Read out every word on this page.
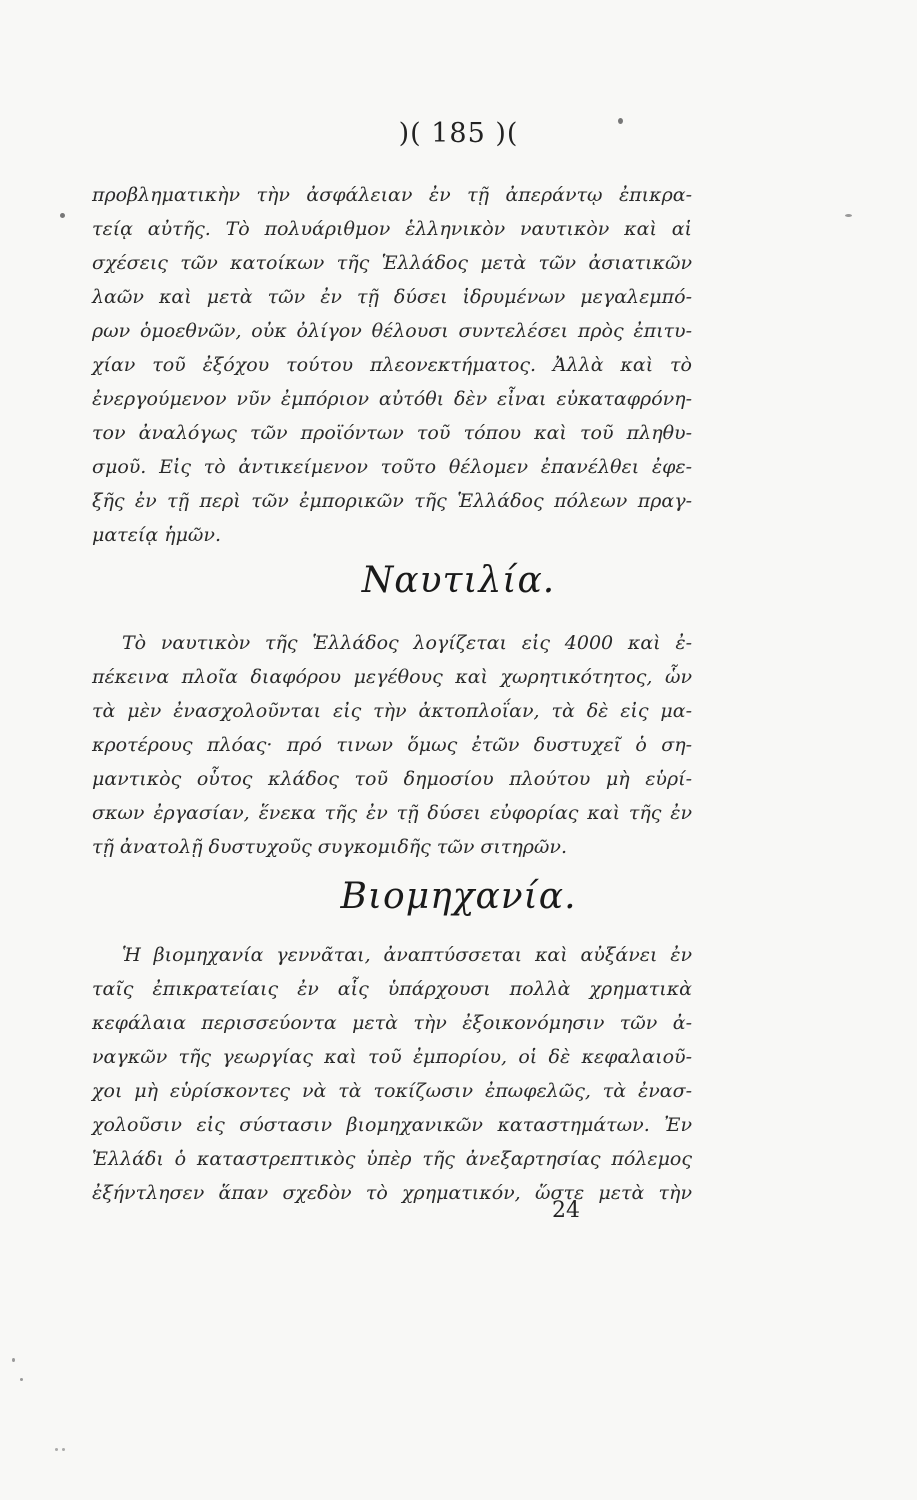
)( 185 )(
προβληματικὴν τὴν ἀσφάλειαν ἐν τῇ ἀπεράντῳ ἐπικρα-
τείᾳ αὐτῆς. Τὸ πολυάριθμον ἑλληνικὸν ναυτικὸν καὶ αἱ
σχέσεις τῶν κατοίκων τῆς Ἑλλάδος μετὰ τῶν ἀσιατικῶν
λαῶν καὶ μετὰ τῶν ἐν τῇ δύσει ἱδρυμένων μεγαλεμπό-
ρων ὁμοεθνῶν, οὐκ ὀλίγον θέλουσι συντελέσει πρὸς ἐπιτυ-
χίαν τοῦ ἐξόχου τούτου πλεονεκτήματος. Ἀλλὰ καὶ τὸ
ἐνεργούμενον νῦν ἐμπόριον αὐτόθι δὲν εἶναι εὐκαταφρόνη-
τον ἀναλόγως τῶν προϊόντων τοῦ τόπου καὶ τοῦ πληθυ-
σμοῦ. Εἰς τὸ ἀντικείμενον τοῦτο θέλομεν ἐπανέλθει ἐφε-
ξῆς ἐν τῇ περὶ τῶν ἐμπορικῶν τῆς Ἑλλάδος πόλεων πραγ-
ματείᾳ ἡμῶν.
Ναυτιλία.
Τὸ ναυτικὸν τῆς Ἑλλάδος λογίζεται εἰς 4000 καὶ ἐ-
πέκεινα πλοῖα διαφόρου μεγέθους καὶ χωρητικότητος, ὧν
τὰ μὲν ἐνασχολοῦνται εἰς τὴν ἀκτοπλοΐαν, τὰ δὲ εἰς μα-
κροτέρους πλόας· πρό τινων ὅμως ἐτῶν δυστυχεῖ ὁ ση-
μαντικὸς οὗτος κλάδος τοῦ δημοσίου πλούτου μὴ εὑρί-
σκων ἐργασίαν, ἕνεκα τῆς ἐν τῇ δύσει εὐφορίας καὶ τῆς ἐν
τῇ ἀνατολῇ δυστυχοῦς συγκομιδῆς τῶν σιτηρῶν.
Βιομηχανία.
Ἡ βιομηχανία γεννᾶται, ἀναπτύσσεται καὶ αὐξάνει ἐν
ταῖς ἐπικρατείαις ἐν αἷς ὑπάρχουσι πολλὰ χρηματικὰ
κεφάλαια περισσεύοντα μετὰ τὴν ἐξοικονόμησιν τῶν ἀ-
ναγκῶν τῆς γεωργίας καὶ τοῦ ἐμπορίου, οἱ δὲ κεφαλαιοῦ-
χοι μὴ εὑρίσκοντες νὰ τὰ τοκίζωσιν ἐπωφελῶς, τὰ ἐνασ-
χολοῦσιν εἰς σύστασιν βιομηχανικῶν καταστημάτων. Ἐν
Ἑλλάδι ὁ καταστρεπτικὸς ὑπὲρ τῆς ἀνεξαρτησίας πόλεμος
ἐξήντλησεν ἅπαν σχεδὸν τὸ χρηματικόν, ὥστε μετὰ τὴν
24
